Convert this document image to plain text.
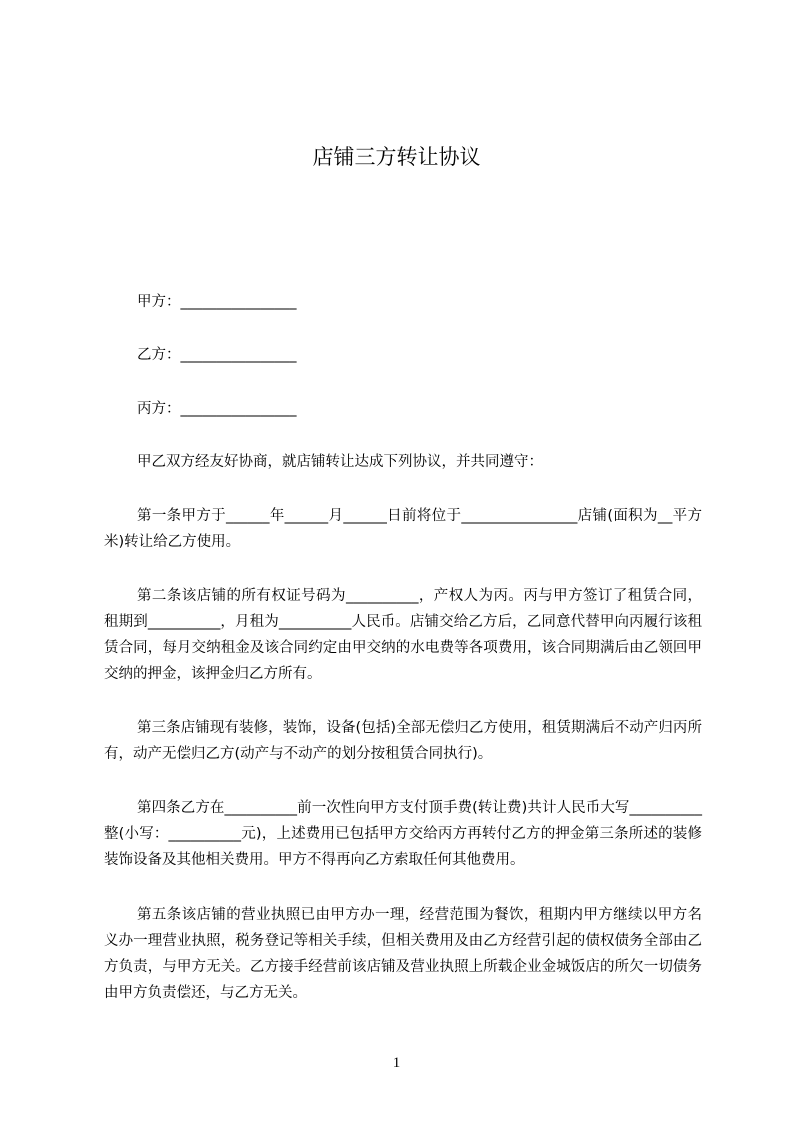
店铺三方转让协议
甲方：________________
乙方：________________
丙方：________________
甲乙双方经友好协商，就店铺转让达成下列协议，并共同遵守：
第一条甲方于______年______月______日前将位于________________店铺(面积为__平方米)转让给乙方使用。
第二条该店铺的所有权证号码为__________，产权人为丙。丙与甲方签订了租赁合同，租期到__________，月租为__________人民币。店铺交给乙方后，乙同意代替甲向丙履行该租赁合同，每月交纳租金及该合同约定由甲交纳的水电费等各项费用，该合同期满后由乙领回甲交纳的押金，该押金归乙方所有。
第三条店铺现有装修，装饰，设备(包括)全部无偿归乙方使用，租赁期满后不动产归丙所有，动产无偿归乙方(动产与不动产的划分按租赁合同执行)。
第四条乙方在__________前一次性向甲方支付顶手费(转让费)共计人民币大写__________整(小写：__________元)，上述费用已包括甲方交给丙方再转付乙方的押金第三条所述的装修装饰设备及其他相关费用。甲方不得再向乙方索取任何其他费用。
第五条该店铺的营业执照已由甲方办一理，经营范围为餐饮，租期内甲方继续以甲方名义办一理营业执照，税务登记等相关手续，但相关费用及由乙方经营引起的债权债务全部由乙方负责，与甲方无关。乙方接手经营前该店铺及营业执照上所载企业金城饭店的所欠一切债务由甲方负责偿还，与乙方无关。
1
